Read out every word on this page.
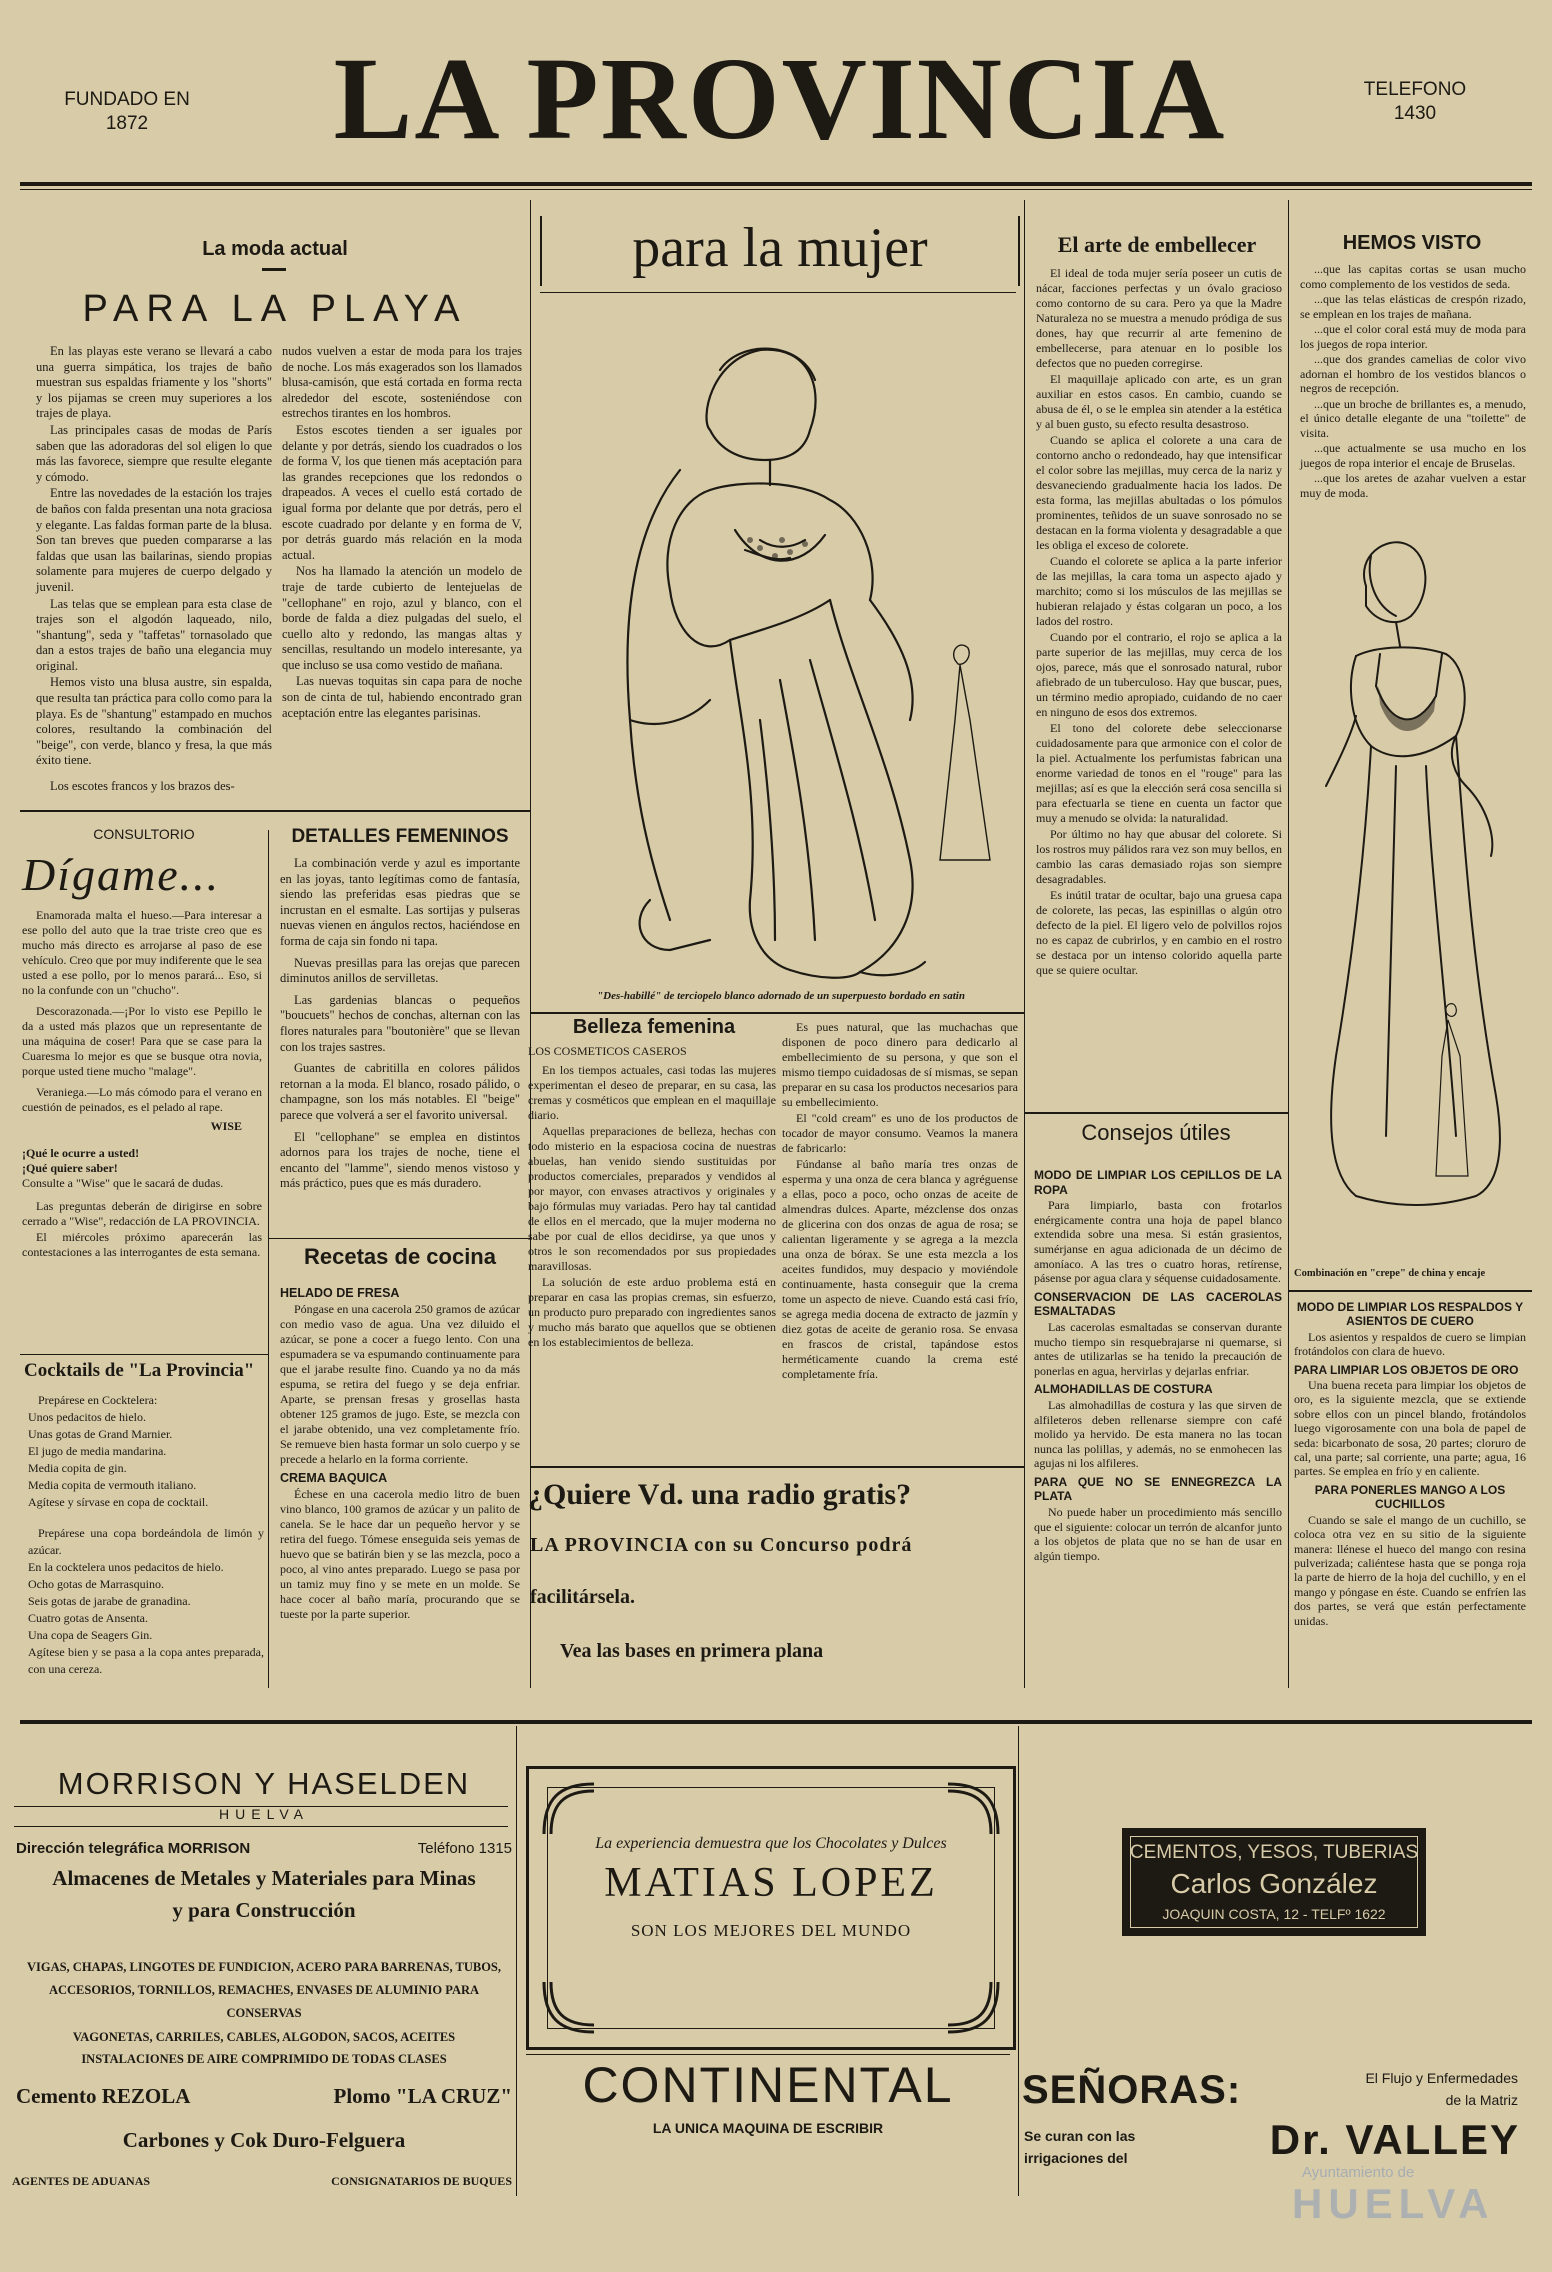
FUNDADO EN
1872	LA PROVINCIA	TELEFONO
1430
La moda actual
PARA LA PLAYA

En las playas este verano se llevará a cabo una guerra simpática, los trajes de baño muestran sus espaldas friamente y los "shorts" y los pijamas se creen muy superiores a los trajes de playa.

Las principales casas de modas de París saben que las adoradoras del sol eligen lo que más las favorece, siempre que resulte elegante y cómodo.

Entre las novedades de la estación los trajes de baños con falda presentan una nota graciosa y elegante. Las faldas forman parte de la blusa. Son tan breves que pueden compararse a las faldas que usan las bailarinas, siendo propias solamente para mujeres de cuerpo delgado y juvenil.

Las telas que se emplean para esta clase de trajes son el algodón laqueado, nilo, "shantung", seda y "taffetas" tornasolado que dan a estos trajes de baño una elegancia muy original.

Hemos visto una blusa austre, sin espalda, que resulta tan práctica para collo como para la playa. Es de "shantung" estampado en muchos colores, resultando la combinación del "beige", con verde, blanco y fresa, la que más éxito tiene.

Los escotes francos y los brazos des-

nudos vuelven a estar de moda para los trajes de noche. Los más exagerados son los llamados blusa-camisón, que está cortada en forma recta alrededor del escote, sosteniéndose con estrechos tirantes en los hombros.

Estos escotes tienden a ser iguales por delante y por detrás, siendo los cuadrados o los de forma V, los que tienen más aceptación para las grandes recepciones que los redondos o drapeados. A veces el cuello está cortado de igual forma por delante que por detrás, pero el escote cuadrado por delante y en forma de V, por detrás guardo más relación en la moda actual.

Nos ha llamado la atención un modelo de traje de tarde cubierto de lentejuelas de "cellophane" en rojo, azul y blanco, con el borde de falda a diez pulgadas del suelo, el cuello alto y redondo, las mangas altas y sencillas, resultando un modelo interesante, ya que incluso se usa como vestido de mañana.

Las nuevas toquitas sin capa para de noche son de cinta de tul, habiendo encontrado gran aceptación entre las elegantes parisinas.

CONSULTORIO
Dígame...

Enamorada malta el hueso.—Para interesar a ese pollo del auto que la trae triste creo que es mucho más directo es arrojarse al paso de ese vehículo. Creo que por muy indiferente que le sea usted a ese pollo, por lo menos parará... Eso, si no la confunde con un "chucho".

Descorazonada.—¡Por lo visto ese Pepillo le da a usted más plazos que un representante de una máquina de coser! Para que se case para la Cuaresma lo mejor es que se busque otra novia, porque usted tiene mucho "malage".

Veraniega.—Lo más cómodo para el verano en cuestión de peinados, es el pelado al rape.

WISE
¡Qué le ocurre a usted!
¡Qué quiere saber!
Consulte a "Wise" que le sacará de dudas.

Las preguntas deberán de dirigirse en sobre cerrado a "Wise", redacción de LA PROVINCIA.

El miércoles próximo aparecerán las contestaciones a las interrogantes de esta semana.

Cocktails de "La Provincia"
Prepárese en Cocktelera:
Unos pedacitos de hielo.
Unas gotas de Grand Marnier.
El jugo de media mandarina.
Media copita de gin.
Media copita de vermouth italiano.
Agítese y sírvase en copa de cocktail.
Prepárese una copa bordeándola de limón y azúcar.
En la cocktelera unos pedacitos de hielo.
Ocho gotas de Marrasquino.
Seis gotas de jarabe de granadina.
Cuatro gotas de Ansenta.
Una copa de Seagers Gin.
Agítese bien y se pasa a la copa antes preparada, con una cereza.
DETALLES FEMENINOS

La combinación verde y azul es importante en las joyas, tanto legítimas como de fantasía, siendo las preferidas esas piedras que se incrustan en el esmalte. Las sortijas y pulseras nuevas vienen en ángulos rectos, haciéndose en forma de caja sin fondo ni tapa.

Nuevas presillas para las orejas que parecen diminutos anillos de servilletas.

Las gardenias blancas o pequeños "boucuets" hechos de conchas, alternan con las flores naturales para "boutonière" que se llevan con los trajes sastres.

Guantes de cabritilla en colores pálidos retornan a la moda. El blanco, rosado pálido, o champagne, son los más notables. El "beige" parece que volverá a ser el favorito universal.

El "cellophane" se emplea en distintos adornos para los trajes de noche, tiene el encanto del "lamme", siendo menos vistoso y más práctico, pues que es más duradero.

Recetas de cocina
HELADO DE FRESA

Póngase en una cacerola 250 gramos de azúcar con medio vaso de agua. Una vez diluido el azúcar, se pone a cocer a fuego lento. Con una espumadera se va espumando continuamente para que el jarabe resulte fino. Cuando ya no da más espuma, se retira del fuego y se deja enfriar. Aparte, se prensan fresas y grosellas hasta obtener 125 gramos de jugo. Este, se mezcla con el jarabe obtenido, una vez completamente frío. Se remueve bien hasta formar un solo cuerpo y se precede a helarlo en la forma corriente.

CREMA BAQUICA

Échese en una cacerola medio litro de buen vino blanco, 100 gramos de azúcar y un palito de canela. Se le hace dar un pequeño hervor y se retira del fuego. Tómese enseguida seis yemas de huevo que se batirán bien y se las mezcla, poco a poco, al vino antes preparado. Luego se pasa por un tamiz muy fino y se mete en un molde. Se hace cocer al baño maría, procurando que se tueste por la parte superior.

para la mujer
"Des-habillé" de terciopelo blanco adornado de un superpuesto bordado en satin
Belleza femenina
LOS COSMETICOS CASEROS

En los tiempos actuales, casi todas las mujeres experimentan el deseo de preparar, en su casa, las cremas y cosméticos que emplean en el maquillaje diario.

Aquellas preparaciones de belleza, hechas con todo misterio en la espaciosa cocina de nuestras abuelas, han venido siendo sustituidas por productos comerciales, preparados y vendidos al por mayor, con envases atractivos y originales y bajo fórmulas muy variadas. Pero hay tal cantidad de ellos en el mercado, que la mujer moderna no sabe por cual de ellos decidirse, ya que unos y otros le son recomendados por sus propiedades maravillosas.

La solución de este arduo problema está en preparar en casa las propias cremas, sin esfuerzo, un producto puro preparado con ingredientes sanos y mucho más barato que aquellos que se obtienen en los establecimientos de belleza.

Es pues natural, que las muchachas que disponen de poco dinero para dedicarlo al embellecimiento de su persona, y que son el mismo tiempo cuidadosas de sí mismas, se sepan preparar en su casa los productos necesarios para su embellecimiento.

El "cold cream" es uno de los productos de tocador de mayor consumo. Veamos la manera de fabricarlo:

Fúndanse al baño maría tres onzas de esperma y una onza de cera blanca y agréguense a ellas, poco a poco, ocho onzas de aceite de almendras dulces. Aparte, mézclense dos onzas de glicerina con dos onzas de agua de rosa; se calientan ligeramente y se agrega a la mezcla una onza de bórax. Se une esta mezcla a los aceites fundidos, muy despacio y moviéndole continuamente, hasta conseguir que la crema tome un aspecto de nieve. Cuando está casi frío, se agrega media docena de extracto de jazmín y diez gotas de aceite de geranio rosa. Se envasa en frascos de cristal, tapándose estos herméticamente cuando la crema esté completamente fría.

¿Quiere Vd. una radio gratis?
LA PROVINCIA con su Concurso podrá
facilitársela.
Vea las bases en primera plana
El arte de embellecer

El ideal de toda mujer sería poseer un cutis de nácar, facciones perfectas y un óvalo gracioso como contorno de su cara. Pero ya que la Madre Naturaleza no se muestra a menudo pródiga de sus dones, hay que recurrir al arte femenino de embellecerse, para atenuar en lo posible los defectos que no pueden corregirse.

El maquillaje aplicado con arte, es un gran auxiliar en estos casos. En cambio, cuando se abusa de él, o se le emplea sin atender a la estética y al buen gusto, su efecto resulta desastroso.

Cuando se aplica el colorete a una cara de contorno ancho o redondeado, hay que intensificar el color sobre las mejillas, muy cerca de la nariz y desvaneciendo gradualmente hacia los lados. De esta forma, las mejillas abultadas o los pómulos prominentes, teñidos de un suave sonrosado no se destacan en la forma violenta y desagradable a que les obliga el exceso de colorete.

Cuando el colorete se aplica a la parte inferior de las mejillas, la cara toma un aspecto ajado y marchito; como si los músculos de las mejillas se hubieran relajado y éstas colgaran un poco, a los lados del rostro.

Cuando por el contrario, el rojo se aplica a la parte superior de las mejillas, muy cerca de los ojos, parece, más que el sonrosado natural, rubor afiebrado de un tuberculoso. Hay que buscar, pues, un término medio apropiado, cuidando de no caer en ninguno de esos dos extremos.

El tono del colorete debe seleccionarse cuidadosamente para que armonice con el color de la piel. Actualmente los perfumistas fabrican una enorme variedad de tonos en el "rouge" para las mejillas; así es que la elección será cosa sencilla si para efectuarla se tiene en cuenta un factor que muy a menudo se olvida: la naturalidad.

Por último no hay que abusar del colorete. Si los rostros muy pálidos rara vez son muy bellos, en cambio las caras demasiado rojas son siempre desagradables.

Es inútil tratar de ocultar, bajo una gruesa capa de colorete, las pecas, las espinillas o algún otro defecto de la piel. El ligero velo de polvillos rojos no es capaz de cubrirlos, y en cambio en el rostro se destaca por un intenso colorido aquella parte que se quiere ocultar.

Consejos útiles
MODO DE LIMPIAR LOS CEPILLOS DE LA ROPA

Para limpiarlo, basta con frotarlos enérgicamente contra una hoja de papel blanco extendida sobre una mesa. Si están grasientos, sumérjanse en agua adicionada de un décimo de amoníaco. A las tres o cuatro horas, retírense, pásense por agua clara y séquense cuidadosamente.

CONSERVACION DE LAS CACEROLAS ESMALTADAS

Las cacerolas esmaltadas se conservan durante mucho tiempo sin resquebrajarse ni quemarse, si antes de utilizarlas se ha tenido la precaución de ponerlas en agua, hervirlas y dejarlas enfriar.

ALMOHADILLAS DE COSTURA

Las almohadillas de costura y las que sirven de alfileteros deben rellenarse siempre con café molido ya hervido. De esta manera no las tocan nunca las polillas, y además, no se enmohecen las agujas ni los alfileres.

PARA QUE NO SE ENNEGREZCA LA PLATA

No puede haber un procedimiento más sencillo que el siguiente: colocar un terrón de alcanfor junto a los objetos de plata que no se han de usar en algún tiempo.

HEMOS VISTO

...que las capitas cortas se usan mucho como complemento de los vestidos de seda.

...que las telas elásticas de crespón rizado, se emplean en los trajes de mañana.

...que el color coral está muy de moda para los juegos de ropa interior.

...que dos grandes camelias de color vivo adornan el hombro de los vestidos blancos o negros de recepción.

...que un broche de brillantes es, a menudo, el único detalle elegante de una "toilette" de visita.

...que actualmente se usa mucho en los juegos de ropa interior el encaje de Bruselas.

...que los aretes de azahar vuelven a estar muy de moda.

Combinación en "crepe" de china y encaje
MODO DE LIMPIAR LOS RESPALDOS Y ASIENTOS DE CUERO

Los asientos y respaldos de cuero se limpian frotándolos con clara de huevo.

PARA LIMPIAR LOS OBJETOS DE ORO

Una buena receta para limpiar los objetos de oro, es la siguiente mezcla, que se extiende sobre ellos con un pincel blando, frotándolos luego vigorosamente con una bola de papel de seda: bicarbonato de sosa, 20 partes; cloruro de cal, una parte; sal corriente, una parte; agua, 16 partes. Se emplea en frío y en caliente.

PARA PONERLES MANGO A LOS CUCHILLOS

Cuando se sale el mango de un cuchillo, se coloca otra vez en su sitio de la siguiente manera: llénese el hueco del mango con resina pulverizada; caliéntese hasta que se ponga roja la parte de hierro de la hoja del cuchillo, y en el mango y póngase en éste. Cuando se enfríen las dos partes, se verá que están perfectamente unidas.

MORRISON Y HASELDEN
HUELVA
Dirección telegráfica MORRISON	Teléfono 1315
Almacenes de Metales y Materiales para Minas
y para Construcción
VIGAS, CHAPAS, LINGOTES DE FUNDICION, ACERO PARA BARRENAS, TUBOS, ACCESORIOS, TORNILLOS, REMACHES, ENVASES DE ALUMINIO PARA CONSERVAS
VAGONETAS, CARRILES, CABLES, ALGODON, SACOS, ACEITES
INSTALACIONES DE AIRE COMPRIMIDO DE TODAS CLASES
Cemento REZOLA	Plomo "LA CRUZ"
Carbones y Cok Duro-Felguera
AGENTES DE ADUANAS	CONSIGNATARIOS DE BUQUES
La experiencia demuestra que los Chocolates y Dulces
MATIAS LOPEZ
SON LOS MEJORES DEL MUNDO
CONTINENTAL
LA UNICA MAQUINA DE ESCRIBIR
CEMENTOS, YESOS, TUBERIAS
Carlos González
JOAQUIN COSTA, 12 - TELFº 1622
SEÑORAS:	El Flujo y Enfermedades
de la Matriz
Se curan con las
irrigaciones del	Dr. VALLEY
Ayuntamiento de
HUELVA
